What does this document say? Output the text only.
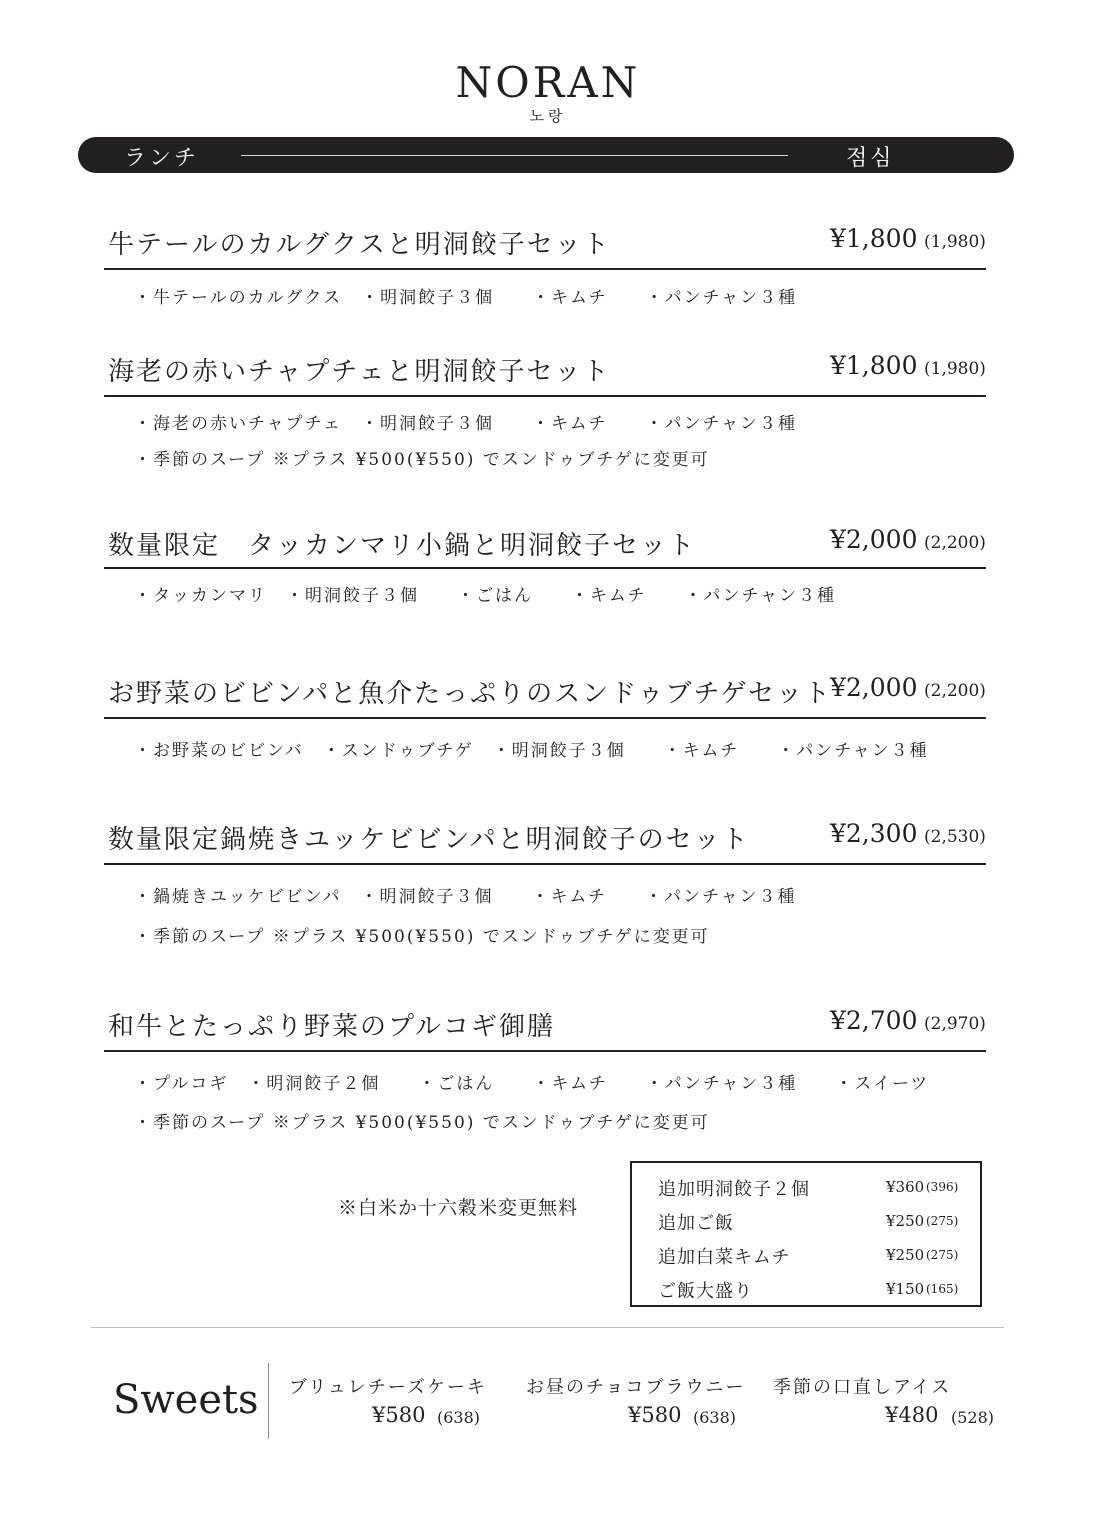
NORAN
노랑
ランチ	점심
牛テールのカルグクスと明洞餃子セット	¥1,800 (1,980)
・牛テールのカルグクス　・明洞餃子３個　　・キムチ　　・パンチャン３種
海老の赤いチャプチェと明洞餃子セット	¥1,800 (1,980)
・海老の赤いチャプチェ　・明洞餃子３個　　・キムチ　　・パンチャン３種
・季節のスープ ※プラス ¥500(¥550) でスンドゥブチゲに変更可
数量限定　タッカンマリ小鍋と明洞餃子セット	¥2,000 (2,200)
・タッカンマリ　・明洞餃子３個　　・ごはん　　・キムチ　　・パンチャン３種
お野菜のビビンパと魚介たっぷりのスンドゥブチゲセット
¥2,000 (2,200)
・お野菜のビビンバ　・スンドゥブチゲ　・明洞餃子３個　　・キムチ　　・パンチャン３種
数量限定鍋焼きユッケビビンパと明洞餃子のセット	¥2,300 (2,530)
・鍋焼きユッケビビンパ　・明洞餃子３個　　・キムチ　　・パンチャン３種
・季節のスープ ※プラス ¥500(¥550) でスンドゥブチゲに変更可
和牛とたっぷり野菜のプルコギ御膳	¥2,700 (2,970)
・プルコギ　・明洞餃子２個　　・ごはん　　・キムチ　　・パンチャン３種　　・スイーツ
・季節のスープ ※プラス ¥500(¥550) でスンドゥブチゲに変更可
※白米か十六穀米変更無料
追加明洞餃子２個	¥360 (396)
追加ご飯	¥250 (275)
追加白菜キムチ	¥250 (275)
ご飯大盛り	¥150 (165)
Sweets ブリュレチーズケーキ
¥580 (638)
お昼のチョコブラウニー
¥580 (638)
季節の口直しアイス
¥480 (528)
